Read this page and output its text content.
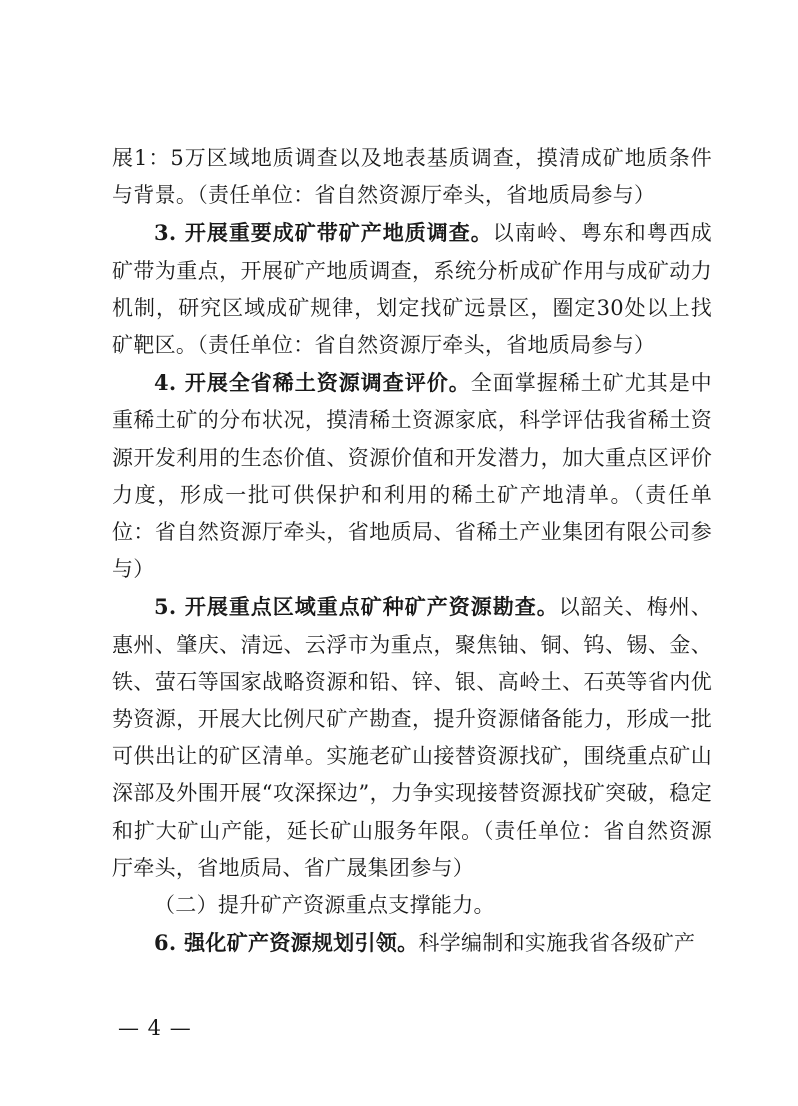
展1：5万区域地质调查以及地表基质调查，摸清成矿地质条件与背景。（责任单位：省自然资源厅牵头，省地质局参与）

3. 开展重要成矿带矿产地质调查。以南岭、粤东和粤西成矿带为重点，开展矿产地质调查，系统分析成矿作用与成矿动力机制，研究区域成矿规律，划定找矿远景区，圈定30处以上找矿靶区。（责任单位：省自然资源厅牵头，省地质局参与）

4. 开展全省稀土资源调查评价。全面掌握稀土矿尤其是中重稀土矿的分布状况，摸清稀土资源家底，科学评估我省稀土资源开发利用的生态价值、资源价值和开发潜力，加大重点区评价力度，形成一批可供保护和利用的稀土矿产地清单。（责任单位：省自然资源厅牵头，省地质局、省稀土产业集团有限公司参与）

5. 开展重点区域重点矿种矿产资源勘查。以韶关、梅州、惠州、肇庆、清远、云浮市为重点，聚焦铀、铜、钨、锡、金、铁、萤石等国家战略资源和铅、锌、银、高岭土、石英等省内优势资源，开展大比例尺矿产勘查，提升资源储备能力，形成一批可供出让的矿区清单。实施老矿山接替资源找矿，围绕重点矿山深部及外围开展“攻深探边”，力争实现接替资源找矿突破，稳定和扩大矿山产能，延长矿山服务年限。（责任单位：省自然资源厅牵头，省地质局、省广晟集团参与）

（二）提升矿产资源重点支撑能力。

6. 强化矿产资源规划引领。科学编制和实施我省各级矿产

— 4 —
